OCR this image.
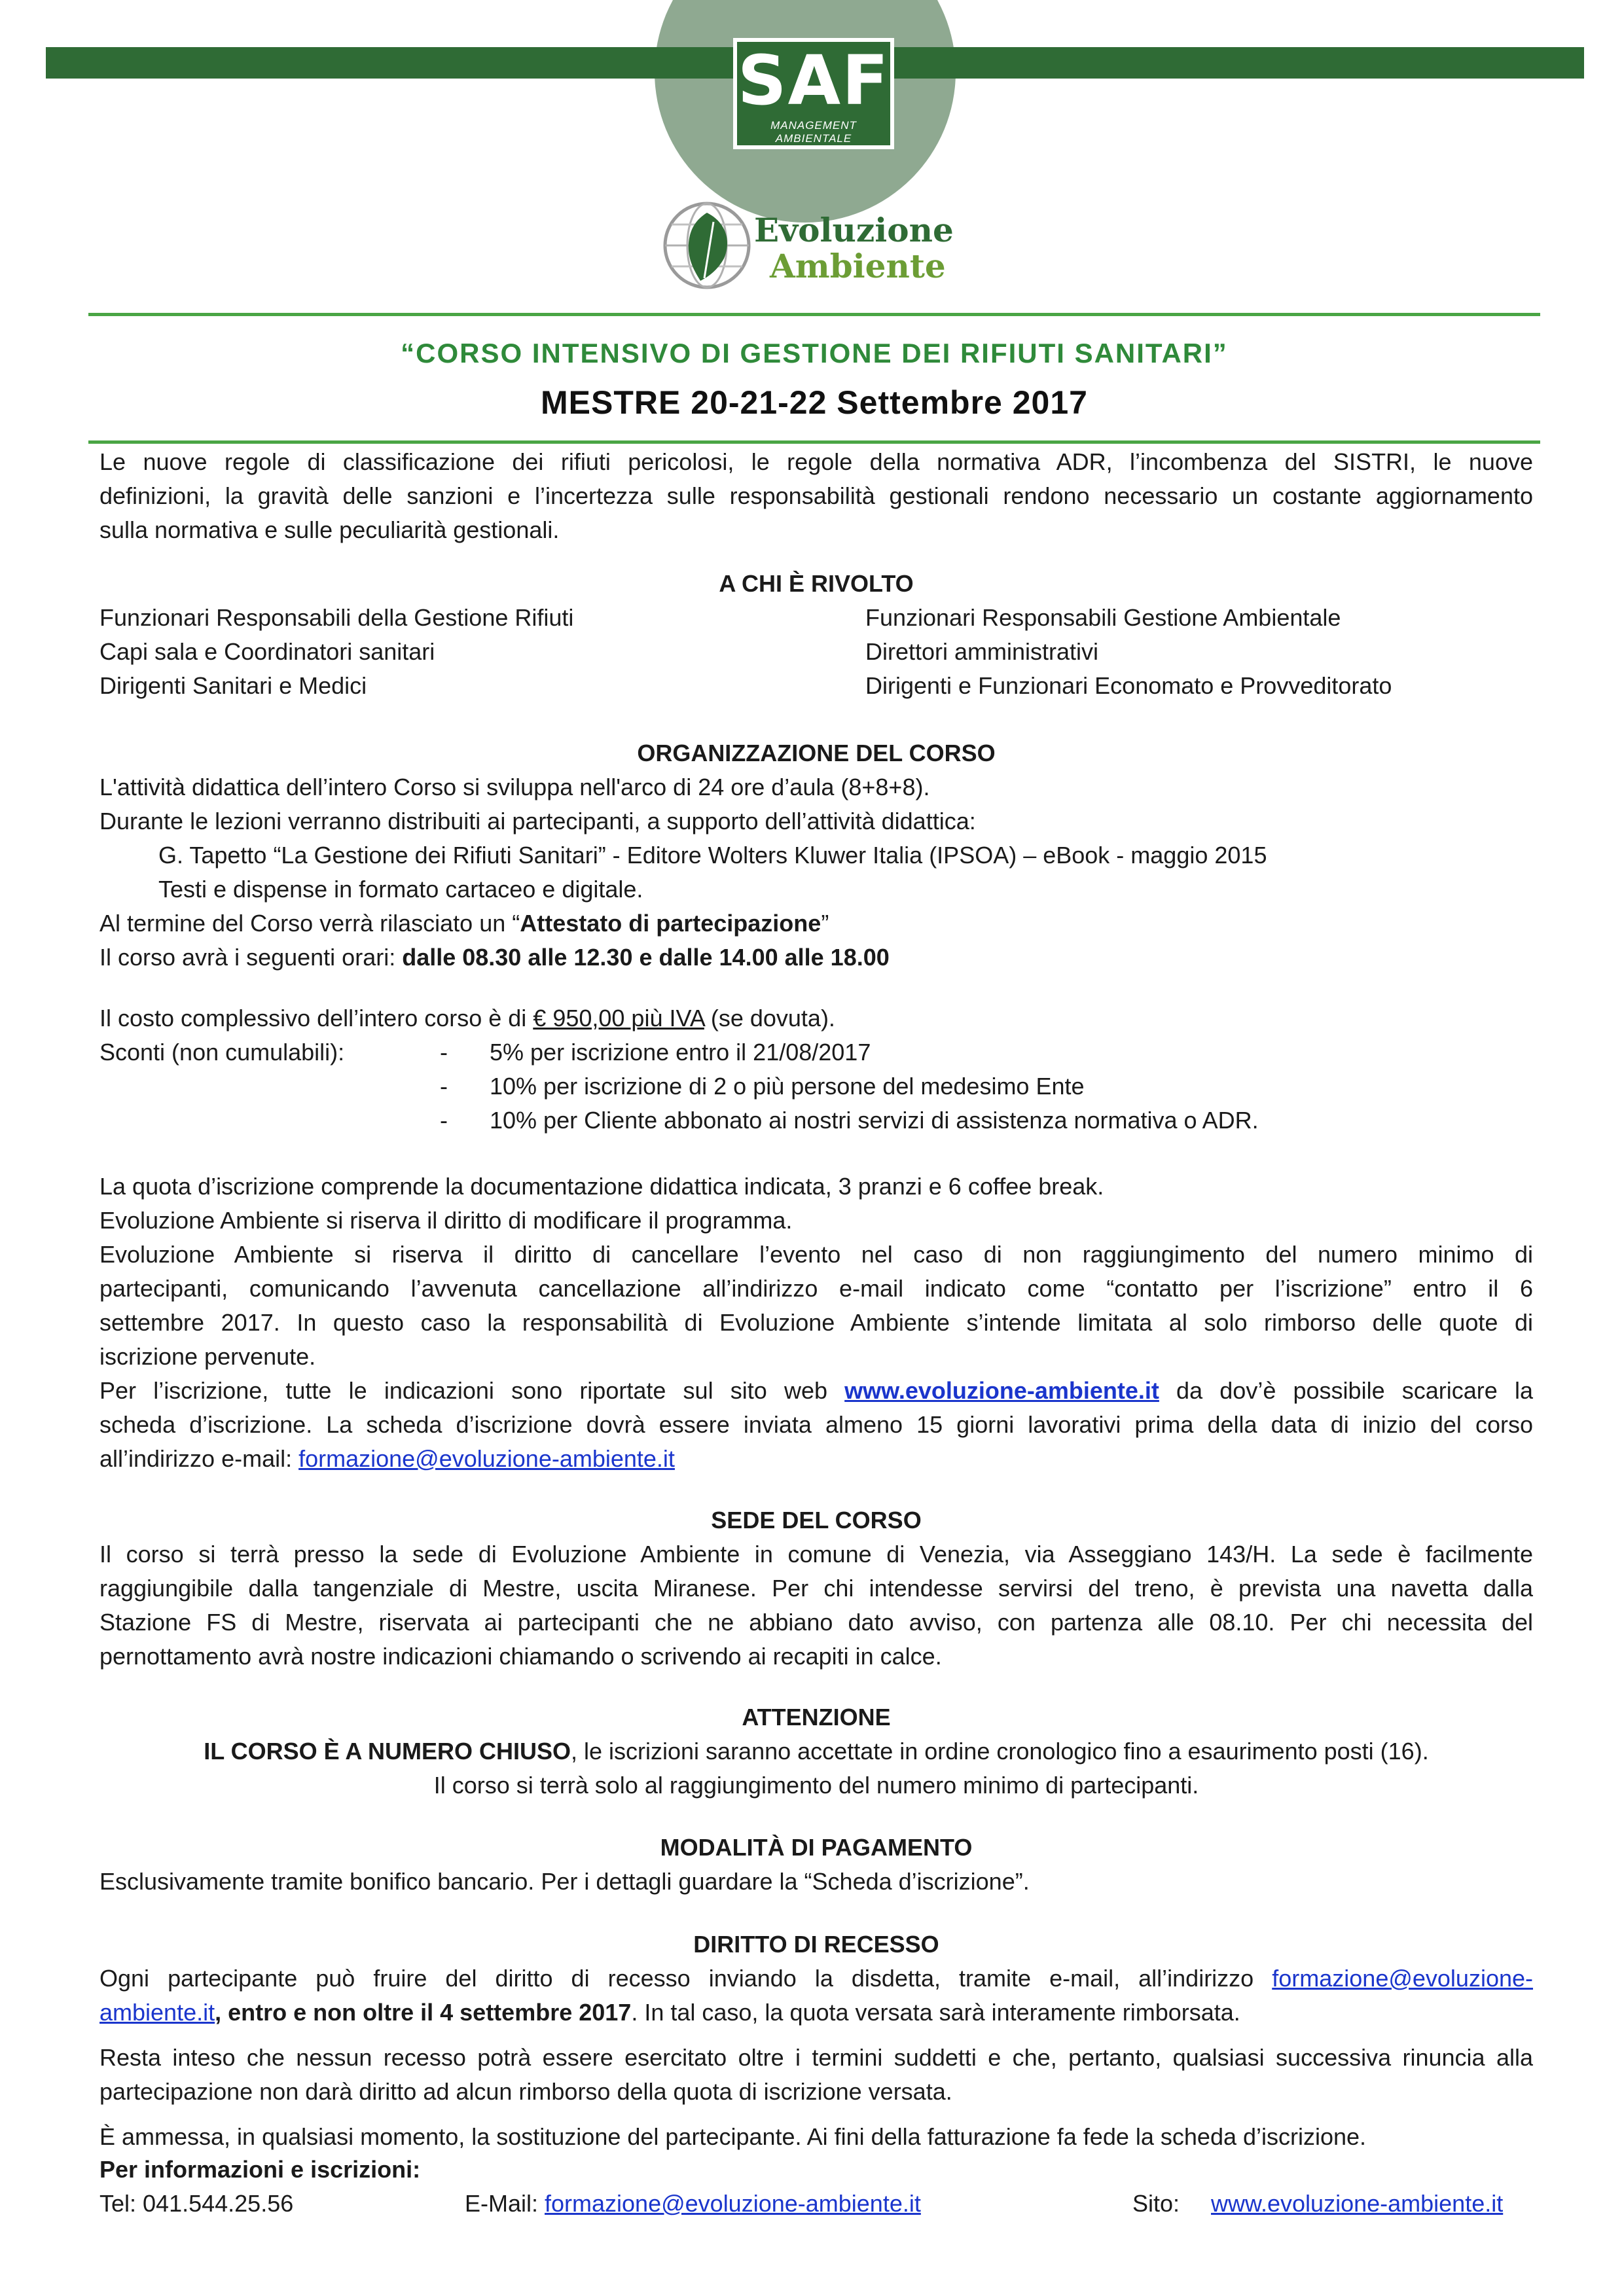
SAF
MANAGEMENT
AMBIENTALE
Evoluzione
Ambiente
“CORSO INTENSIVO DI GESTIONE DEI RIFIUTI SANITARI”
MESTRE 20-21-22 Settembre 2017
Le nuove regole di classificazione dei rifiuti pericolosi, le regole della normativa ADR, l’incombenza del SISTRI, le nuove
definizioni, la gravità delle sanzioni e l’incertezza sulle responsabilità gestionali rendono necessario un costante aggiornamento
sulla normativa e sulle peculiarità gestionali.
A CHI È RIVOLTO
Funzionari Responsabili della Gestione Rifiuti
Capi sala e Coordinatori sanitari
Dirigenti Sanitari e Medici
Funzionari Responsabili Gestione Ambientale
Direttori amministrativi
Dirigenti e Funzionari Economato e Provveditorato
ORGANIZZAZIONE DEL CORSO
L'attività didattica dell’intero Corso si sviluppa nell'arco di 24 ore d’aula (8+8+8).
Durante le lezioni verranno distribuiti ai partecipanti, a supporto dell’attività didattica:
G. Tapetto “La Gestione dei Rifiuti Sanitari” - Editore Wolters Kluwer Italia (IPSOA) – eBook - maggio 2015
Testi e dispense in formato cartaceo e digitale.
Al termine del Corso verrà rilasciato un “Attestato di partecipazione”
Il corso avrà i seguenti orari: dalle 08.30 alle 12.30 e dalle 14.00 alle 18.00
Il costo complessivo dell’intero corso è di € 950,00 più IVA (se dovuta).
Sconti (non cumulabili):	- 5% per iscrizione entro il 21/08/2017
- 10% per iscrizione di 2 o più persone del medesimo Ente
- 10% per Cliente abbonato ai nostri servizi di assistenza normativa o ADR.
La quota d’iscrizione comprende la documentazione didattica indicata, 3 pranzi e 6 coffee break.
Evoluzione Ambiente si riserva il diritto di modificare il programma.
Evoluzione Ambiente si riserva il diritto di cancellare l’evento nel caso di non raggiungimento del numero minimo di
partecipanti, comunicando l’avvenuta cancellazione all’indirizzo e-mail indicato come “contatto per l’iscrizione” entro il 6
settembre 2017. In questo caso la responsabilità di Evoluzione Ambiente s’intende limitata al solo rimborso delle quote di
iscrizione pervenute.
Per l’iscrizione, tutte le indicazioni sono riportate sul sito web www.evoluzione-ambiente.it da dov’è possibile scaricare la
scheda d’iscrizione. La scheda d’iscrizione dovrà essere inviata almeno 15 giorni lavorativi prima della data di inizio del corso
all’indirizzo e-mail: formazione@evoluzione-ambiente.it
SEDE DEL CORSO
Il corso si terrà presso la sede di Evoluzione Ambiente in comune di Venezia, via Asseggiano 143/H. La sede è facilmente
raggiungibile dalla tangenziale di Mestre, uscita Miranese. Per chi intendesse servirsi del treno, è prevista una navetta dalla
Stazione FS di Mestre, riservata ai partecipanti che ne abbiano dato avviso, con partenza alle 08.10. Per chi necessita del
pernottamento avrà nostre indicazioni chiamando o scrivendo ai recapiti in calce.
ATTENZIONE
IL CORSO È A NUMERO CHIUSO, le iscrizioni saranno accettate in ordine cronologico fino a esaurimento posti (16).
Il corso si terrà solo al raggiungimento del numero minimo di partecipanti.
MODALITÀ DI PAGAMENTO
Esclusivamente tramite bonifico bancario. Per i dettagli guardare la “Scheda d’iscrizione”.
DIRITTO DI RECESSO
Ogni partecipante può fruire del diritto di recesso inviando la disdetta, tramite e-mail, all’indirizzo formazione@evoluzione-
ambiente.it, entro e non oltre il 4 settembre 2017. In tal caso, la quota versata sarà interamente rimborsata.
Resta inteso che nessun recesso potrà essere esercitato oltre i termini suddetti e che, pertanto, qualsiasi successiva rinuncia alla
partecipazione non darà diritto ad alcun rimborso della quota di iscrizione versata.
È ammessa, in qualsiasi momento, la sostituzione del partecipante. Ai fini della fatturazione fa fede la scheda d’iscrizione.
Per informazioni e iscrizioni:
Tel: 041.544.25.56	E-Mail: formazione@evoluzione-ambiente.it	Sito: www.evoluzione-ambiente.it
